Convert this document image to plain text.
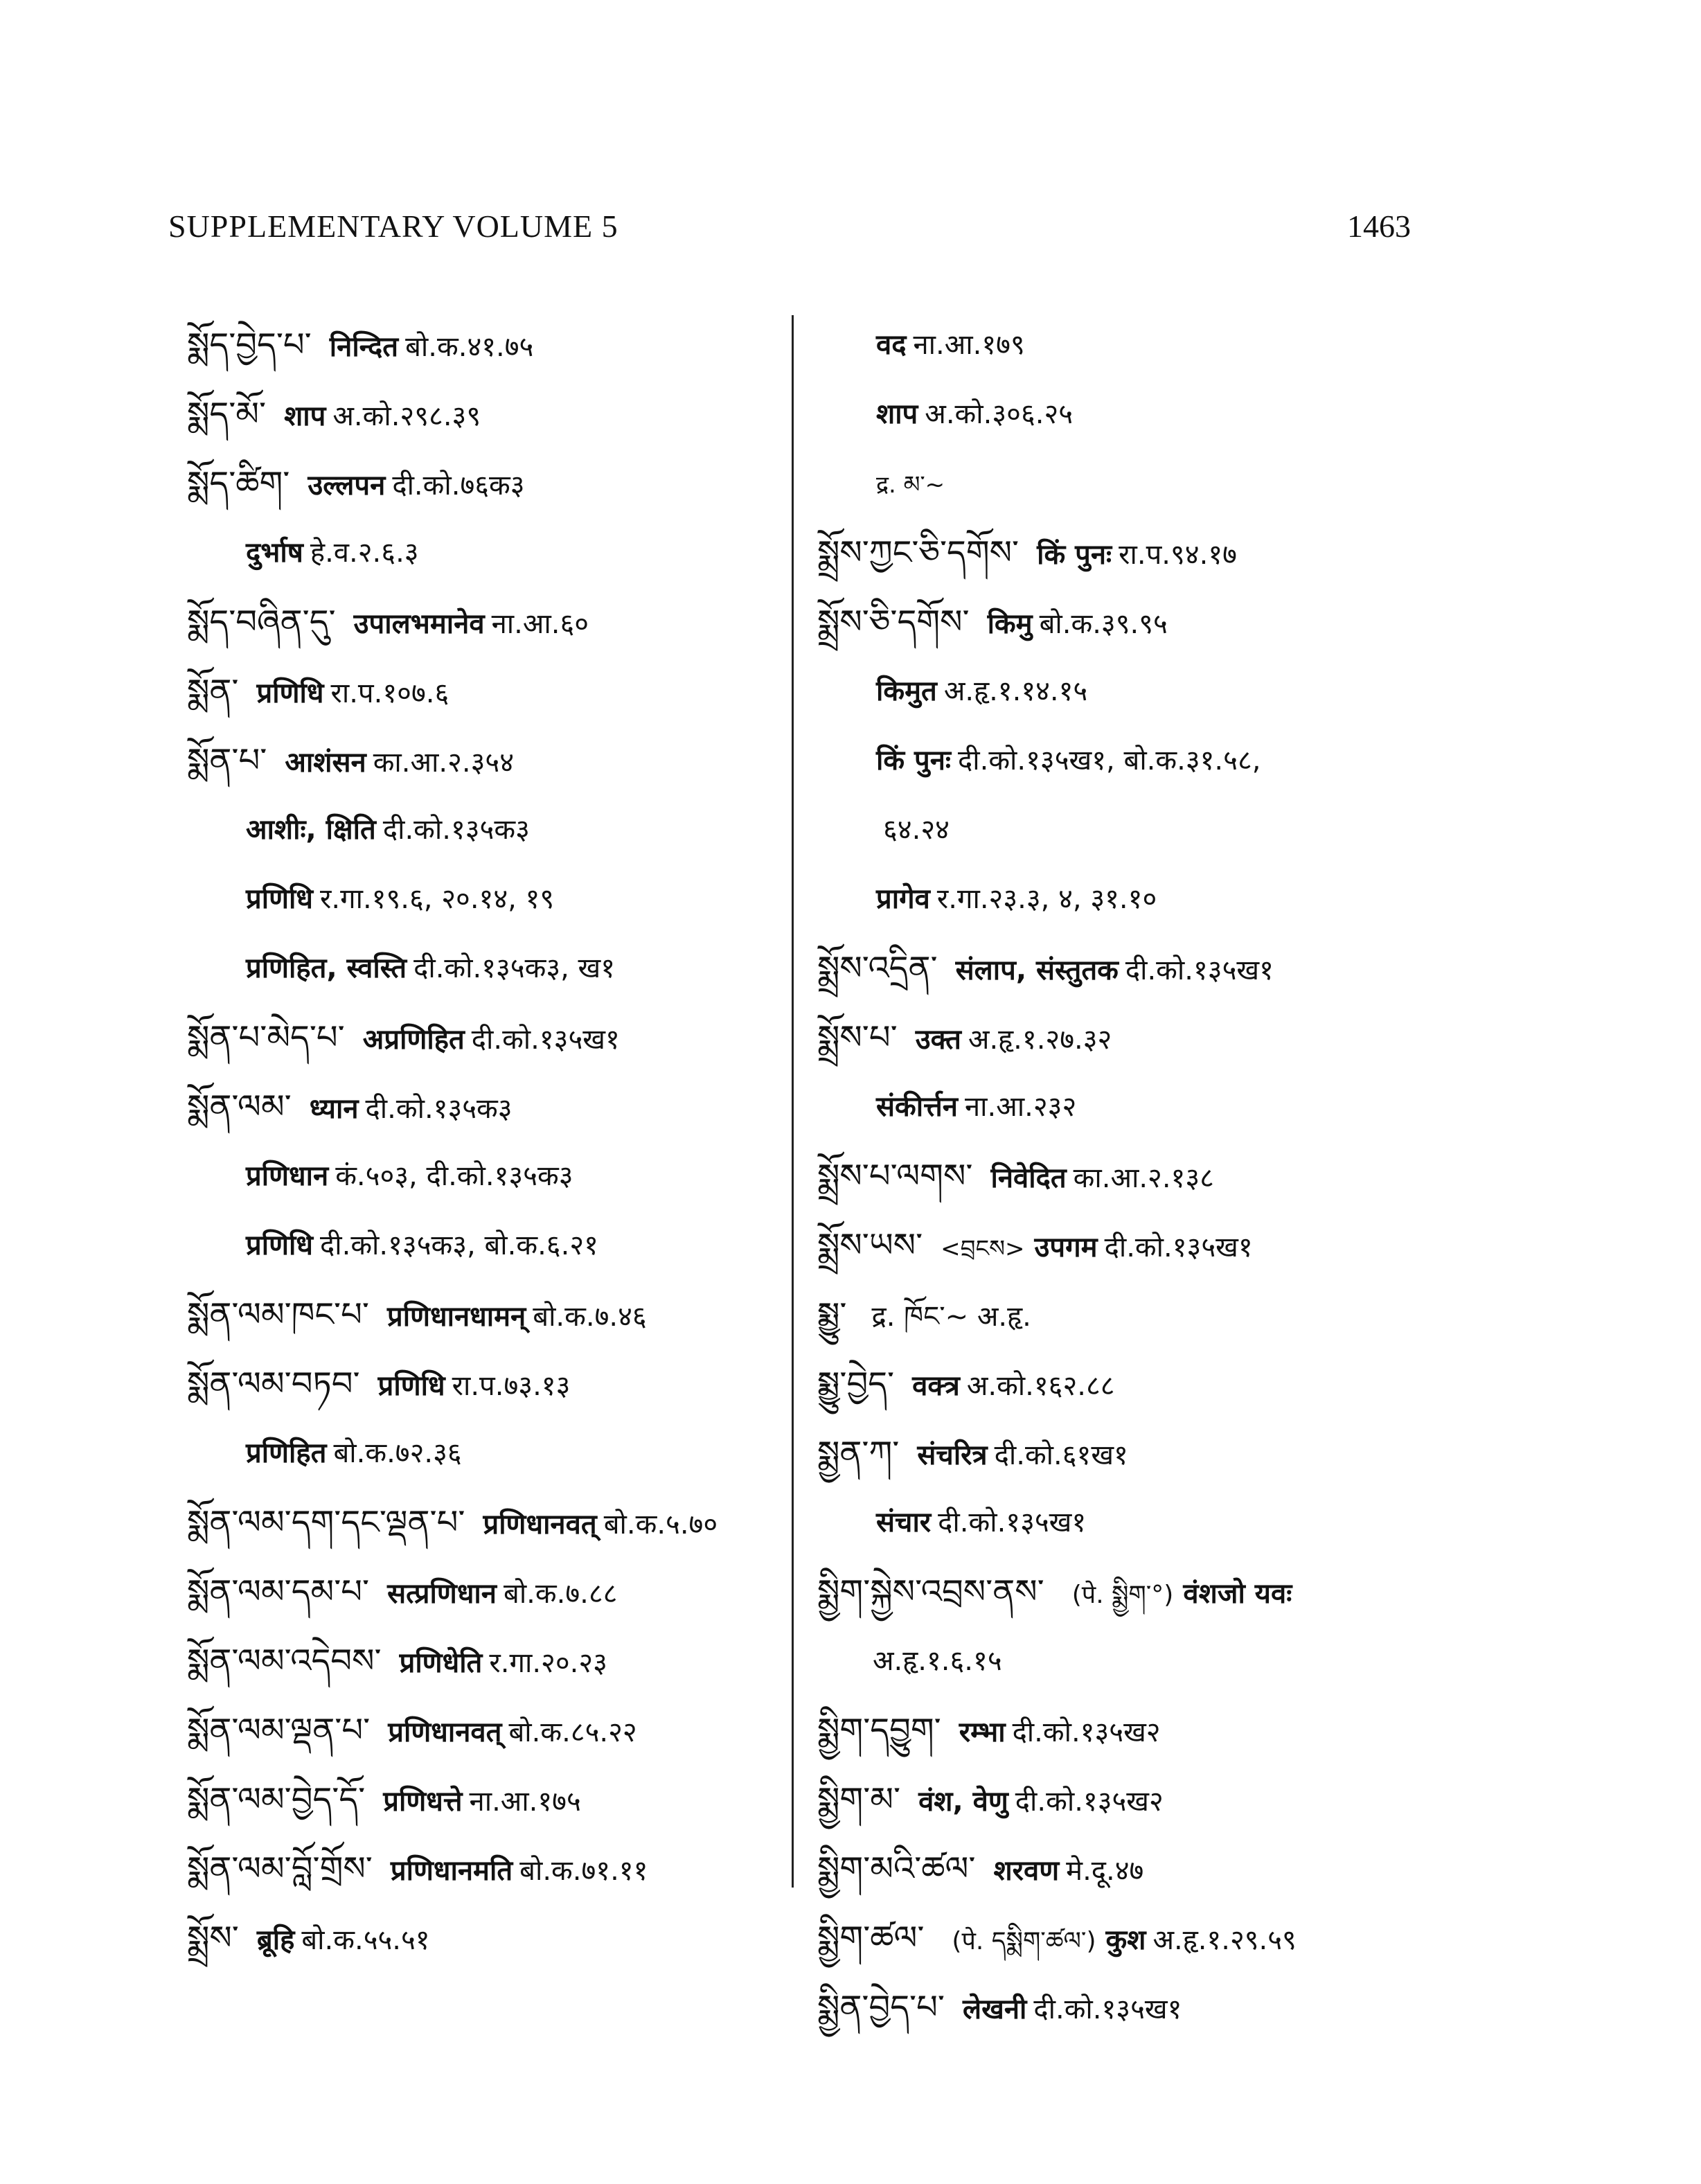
SUPPLEMENTARY VOLUME 5	1463
སྨོད་བྱེད་པ་ निन्दित बो.क.४१.७५
སྨོད་མོ་ शाप अ.को.२९८.३९
སྨོད་ཚིག་ उल्लपन दी.को.७६क३
दुर्भाष हे.व.२.६.३
སྨོད་བཞིན་དུ་ उपालभमानेव ना.आ.६०
སྨོན་ प्रणिधि रा.प.१०७.६
སྨོན་པ་ आशंसन का.आ.२.३५४
आशीः, क्षिति दी.को.१३५क३
प्रणिधि र.गा.१९.६, २०.१४, १९
प्रणिहित, स्वस्ति दी.को.१३५क३, ख१
སྨོན་པ་མེད་པ་ अप्रणिहित दी.को.१३५ख१
སྨོན་ལམ་ ध्यान दी.को.१३५क३
प्रणिधान कं.५०३, दी.को.१३५क३
प्रणिधि दी.को.१३५क३, बो.क.६.२१
སྨོན་ལམ་ཁང་པ་ प्रणिधानधामन् बो.क.७.४६
སྨོན་ལམ་བཏབ་ प्रणिधि रा.प.७३.१३
प्रणिहित बो.क.७२.३६
སྨོན་ལམ་དག་དང་ལྡན་པ་ प्रणिधानवत् बो.क.५.७०
སྨོན་ལམ་དམ་པ་ सत्प्रणिधान बो.क.७.८८
སྨོན་ལམ་འདེབས་ प्रणिधेति र.गा.२०.२३
སྨོན་ལམ་ལྡན་པ་ प्रणिधानवत् बो.क.८५.२२
སྨོན་ལམ་བྱེད་དོ་ प्रणिधत्ते ना.आ.१७५
སྨོན་ལམ་བློ་གྲོས་ प्रणिधानमति बो.क.७१.११
སྨྲོས་ ब्रूहि बो.क.५५.५१
वद ना.आ.१७९
शाप अ.को.३०६.२५
द्र. མ་~
སྨྲོས་ཀྱང་ཅི་དགོས་ किं पुनः रा.प.९४.१७
སྨྲོས་ཅི་དགོས་ किमु बो.क.३९.९५
किमुत अ.हृ.१.१४.१५
किं पुनः दी.को.१३५ख१, बो.क.३१.५८,
६४.२४
प्रागेव र.गा.२३.३, ४, ३१.१०
སྨྲོས་འདྲིན་ संलाप, संस्तुतक दी.को.१३५ख१
སྨྲོས་པ་ उक्त अ.हृ.१.२७.३२
संकीर्त्तन ना.आ.२३२
སྨྲོས་པ་ལགས་ निवेदित का.आ.२.१३८
སྨྲོས་ཡས་ <བྲངས> उपगम दी.को.१३५ख१
སྨྱུ་ द्र. ཁོང་~ अ.हृ.
སྨྱུ་བྱེད་ वक्त्र अ.को.१६२.८८
སྨྱན་ཀ་ संचरित्र दी.को.६१ख१
संचार दी.को.१३५ख१
སྨྱིག་སྐྱེས་འབྲས་ནས་ (पे. སྨྱིག་°) वंशजो यवः
अ.हृ.१.६.१५
སྨྱིག་དབྱུག་ रम्भा दी.को.१३५ख२
སྨྱིག་མ་ वंश, वेणु दी.को.१३५ख२
སྨྱིག་མའི་ཚལ་ शरवण मे.दू.४७
སྨྱིག་ཚལ་ (पे. དསྨིག་ཚལ་) कुश अ.हृ.१.२९.५९
སྨྱིན་བྱེད་པ་ लेखनी दी.को.१३५ख१
